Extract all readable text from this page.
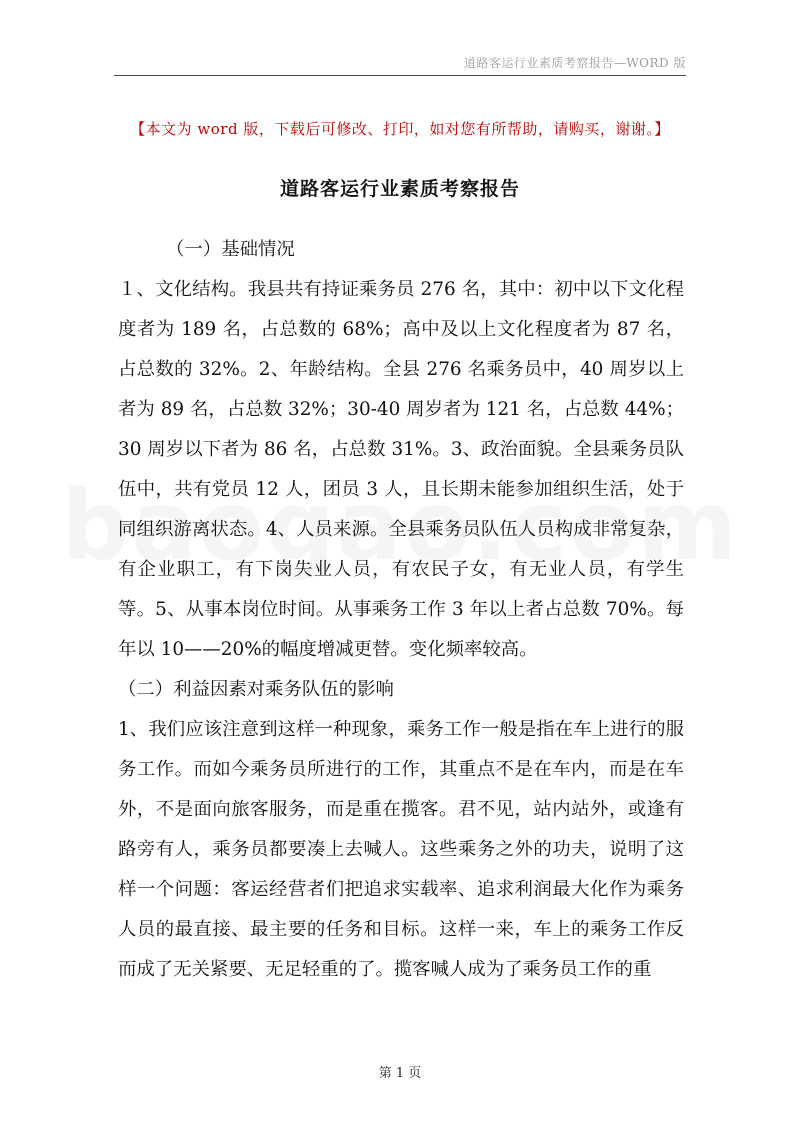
道路客运行业素质考察报告—WORD 版
【本文为 word 版，下载后可修改、打印，如对您有所帮助，请购买，谢谢。】
道路客运行业素质考察报告

（一）基础情况

１、文化结构。我县共有持证乘务员 276 名，其中：初中以下文化程度者为 189 名，占总数的 68%；高中及以上文化程度者为 87 名，占总数的 32%。2、年龄结构。全县 276 名乘务员中，40 周岁以上者为 89 名，占总数 32%；30-40 周岁者为 121 名，占总数 44%；30 周岁以下者为 86 名，占总数 31%。3、政治面貌。全县乘务员队伍中，共有党员 12 人，团员 3 人，且长期未能参加组织生活，处于同组织游离状态。4、人员来源。全县乘务员队伍人员构成非常复杂，有企业职工，有下岗失业人员，有农民子女，有无业人员，有学生等。5、从事本岗位时间。从事乘务工作 3 年以上者占总数 70%。每年以 10——20%的幅度增减更替。变化频率较高。

（二）利益因素对乘务队伍的影响

1、我们应该注意到这样一种现象，乘务工作一般是指在车上进行的服务工作。而如今乘务员所进行的工作，其重点不是在车内，而是在车外，不是面向旅客服务，而是重在揽客。君不见，站内站外，或逢有路旁有人，乘务员都要凑上去喊人。这些乘务之外的功夫，说明了这样一个问题：客运经营者们把追求实载率、追求利润最大化作为乘务人员的最直接、最主要的任务和目标。这样一来，车上的乘务工作反而成了无关紧要、无足轻重的了。揽客喊人成为了乘务员工作的重

第 1 页
